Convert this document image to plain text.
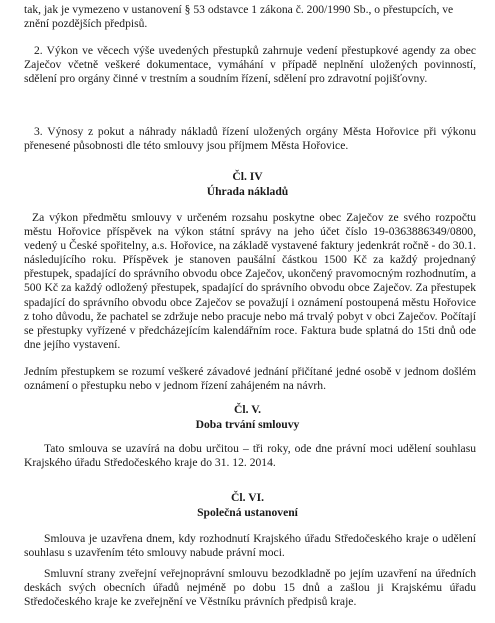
tak, jak je vymezeno v ustanovení § 53 odstavce 1 zákona č. 200/1990 Sb., o přestupcích, ve
znění pozdějších předpisů.

2. Výkon ve věcech výše uvedených přestupků zahrnuje vedení přestupkové agendy za obec Zaječov včetně veškeré dokumentace, vymáhání v případě neplnění uložených povinností, sdělení pro orgány činné v trestním a soudním řízení, sdělení pro zdravotní pojišťovny.

3. Výnosy z pokut a náhrady nákladů řízení uložených orgány Města Hořovice při výkonu přenesené působnosti dle této smlouvy jsou příjmem Města Hořovice.

Čl. IV
Úhrada nákladů

Za výkon předmětu smlouvy v určeném rozsahu poskytne obec Zaječov ze svého rozpočtu městu Hořovice příspěvek na výkon státní správy na jeho účet číslo 19-0363886349/0800, vedený u České spořitelny, a.s. Hořovice, na základě vystavené faktury jedenkrát ročně - do 30.1. následujícího roku. Příspěvek je stanoven paušální částkou 1500 Kč za každý projednaný přestupek, spadající do správního obvodu obce Zaječov, ukončený pravomocným rozhodnutím, a 500 Kč za každý odložený přestupek, spadající do správního obvodu obce Zaječov. Za přestupek spadající do správního obvodu obce Zaječov se považují i oznámení postoupená městu Hořovice z toho důvodu, že pachatel se zdržuje nebo pracuje nebo má trvalý pobyt v obci Zaječov. Počítají se přestupky vyřízené v předcházejícím kalendářním roce. Faktura bude splatná do 15ti dnů ode dne jejího vystavení.

Jedním přestupkem se rozumí veškeré závadové jednání přičítané jedné osobě v jednom došlém oznámení o přestupku nebo v jednom řízení zahájeném na návrh.

Čl. V.
Doba trvání smlouvy

Tato smlouva se uzavírá na dobu určitou – tři roky, ode dne právní moci udělení souhlasu Krajského úřadu Středočeského kraje do 31. 12. 2014.

Čl. VI.
Společná ustanovení

Smlouva je uzavřena dnem, kdy rozhodnutí Krajského úřadu Středočeského kraje o udělení souhlasu s uzavřením této smlouvy nabude právní moci.

Smluvní strany zveřejní veřejnoprávní smlouvu bezodkladně po jejím uzavření na úředních deskách svých obecních úřadů nejméně po dobu 15 dnů a zašlou ji Krajskému úřadu Středočeského kraje ke zveřejnění ve Věstníku právních předpisů kraje.
